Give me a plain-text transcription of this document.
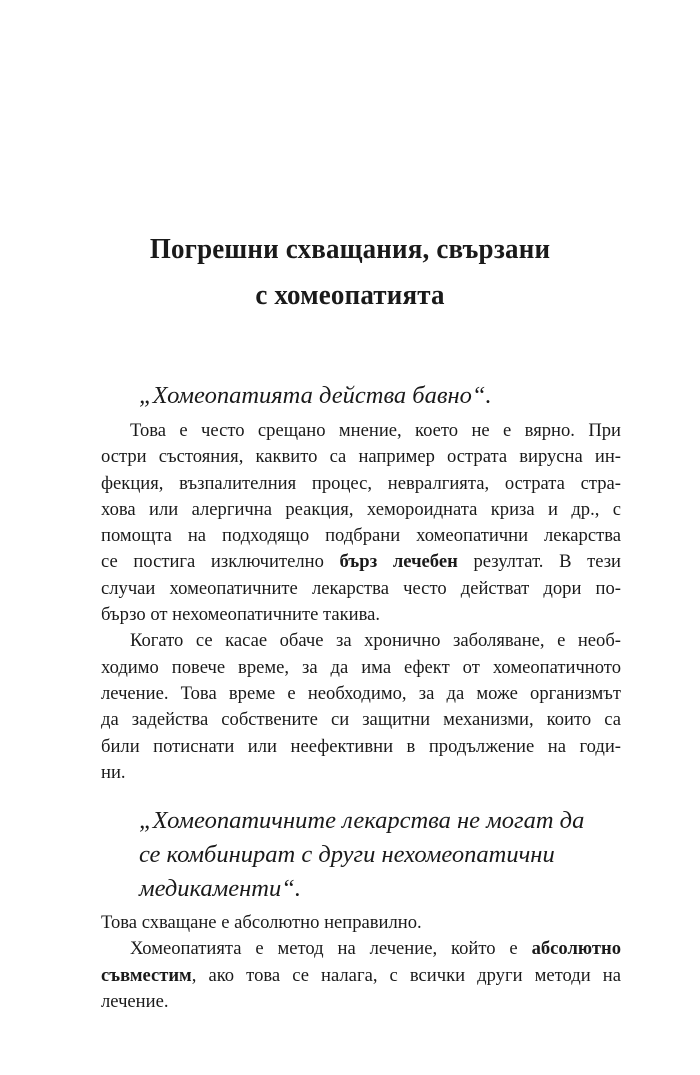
Погрешни схващания, свързани
с хомеопатията

„Хомеопатията действа бавно“.

Това е често срещано мнение, което не е вярно. При
остри състояния, каквито са например острата вирусна ин-
фекция, възпалителния процес, невралгията, острата стра-
хова или алергична реакция, хемороидната криза и др., с
помощта на подходящо подбрани хомеопатични лекарства
се постига изключително бърз лечебен резултат. В тези
случаи хомеопатичните лекарства често действат дори по-
бързо от нехомеопатичните такива.
Когато се касае обаче за хронично заболяване, е необ-
ходимо повече време, за да има ефект от хомеопатичното
лечение. Това време е необходимо, за да може организмът
да задейства собствените си защитни механизми, които са
били потиснати или неефективни в продължение на годи-
ни.

„Хомеопатичните лекарства не могат да

се комбинират с други нехомеопатични

медикаменти“.

Това схващане е абсолютно неправилно.
Хомеопатията е метод на лечение, който е абсолютно
съвместим, ако това се налага, с всички други методи на
лечение.
